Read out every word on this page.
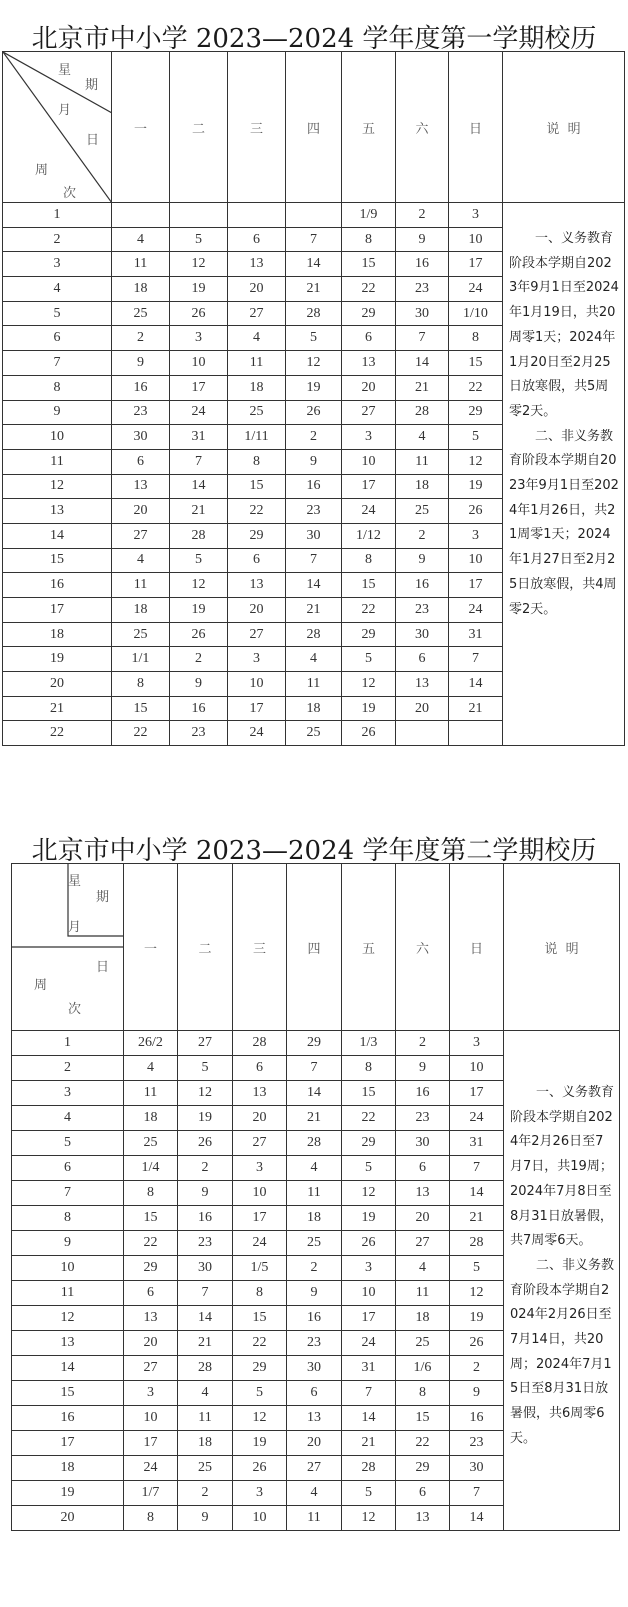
北京市中小学 2023—2024 学年度第一学期校历
星
期
月
日
周
次
	一	二	三	四	五	六	日	说  明
1					1/9	2	3	一、义务教育阶段本学期自2023年9月1日至2024年1月19日，共20周零1天；2024年1月20日至2月25日放寒假，共5周零2天。

二、非义务教育阶段本学期自2023年9月1日至2024年1月26日，共21周零1天；2024年1月27日至2月25日放寒假，共4周零2天。

2	4	5	6	7	8	9	10	
3	11	12	13	14	15	16	17	
4	18	19	20	21	22	23	24	
5	25	26	27	28	29	30	1/10	
6	2	3	4	5	6	7	8	
7	9	10	11	12	13	14	15	
8	16	17	18	19	20	21	22	
9	23	24	25	26	27	28	29	
10	30	31	1/11	2	3	4	5	
11	6	7	8	9	10	11	12	
12	13	14	15	16	17	18	19	
13	20	21	22	23	24	25	26	
14	27	28	29	30	1/12	2	3	
15	4	5	6	7	8	9	10	
16	11	12	13	14	15	16	17	
17	18	19	20	21	22	23	24	
18	25	26	27	28	29	30	31	
19	1/1	2	3	4	5	6	7	
20	8	9	10	11	12	13	14	
21	15	16	17	18	19	20	21	
22	22	23	24	25	26			
北京市中小学 2023—2024 学年度第二学期校历
星
期
月
日
周
次
	一	二	三	四	五	六	日	说  明
1	26/2	27	28	29	1/3	2	3	一、义务教育阶段本学期自2024年2月26日至7月7日，共19周；2024年7月8日至8月31日放暑假，共7周零6天。

二、非义务教育阶段本学期自2024年2月26日至7月14日，共20周；2024年7月15日至8月31日放暑假，共6周零6天。

2	4	5	6	7	8	9	10	
3	11	12	13	14	15	16	17	
4	18	19	20	21	22	23	24	
5	25	26	27	28	29	30	31	
6	1/4	2	3	4	5	6	7	
7	8	9	10	11	12	13	14	
8	15	16	17	18	19	20	21	
9	22	23	24	25	26	27	28	
10	29	30	1/5	2	3	4	5	
11	6	7	8	9	10	11	12	
12	13	14	15	16	17	18	19	
13	20	21	22	23	24	25	26	
14	27	28	29	30	31	1/6	2	
15	3	4	5	6	7	8	9	
16	10	11	12	13	14	15	16	
17	17	18	19	20	21	22	23	
18	24	25	26	27	28	29	30	
19	1/7	2	3	4	5	6	7	
20	8	9	10	11	12	13	14	
